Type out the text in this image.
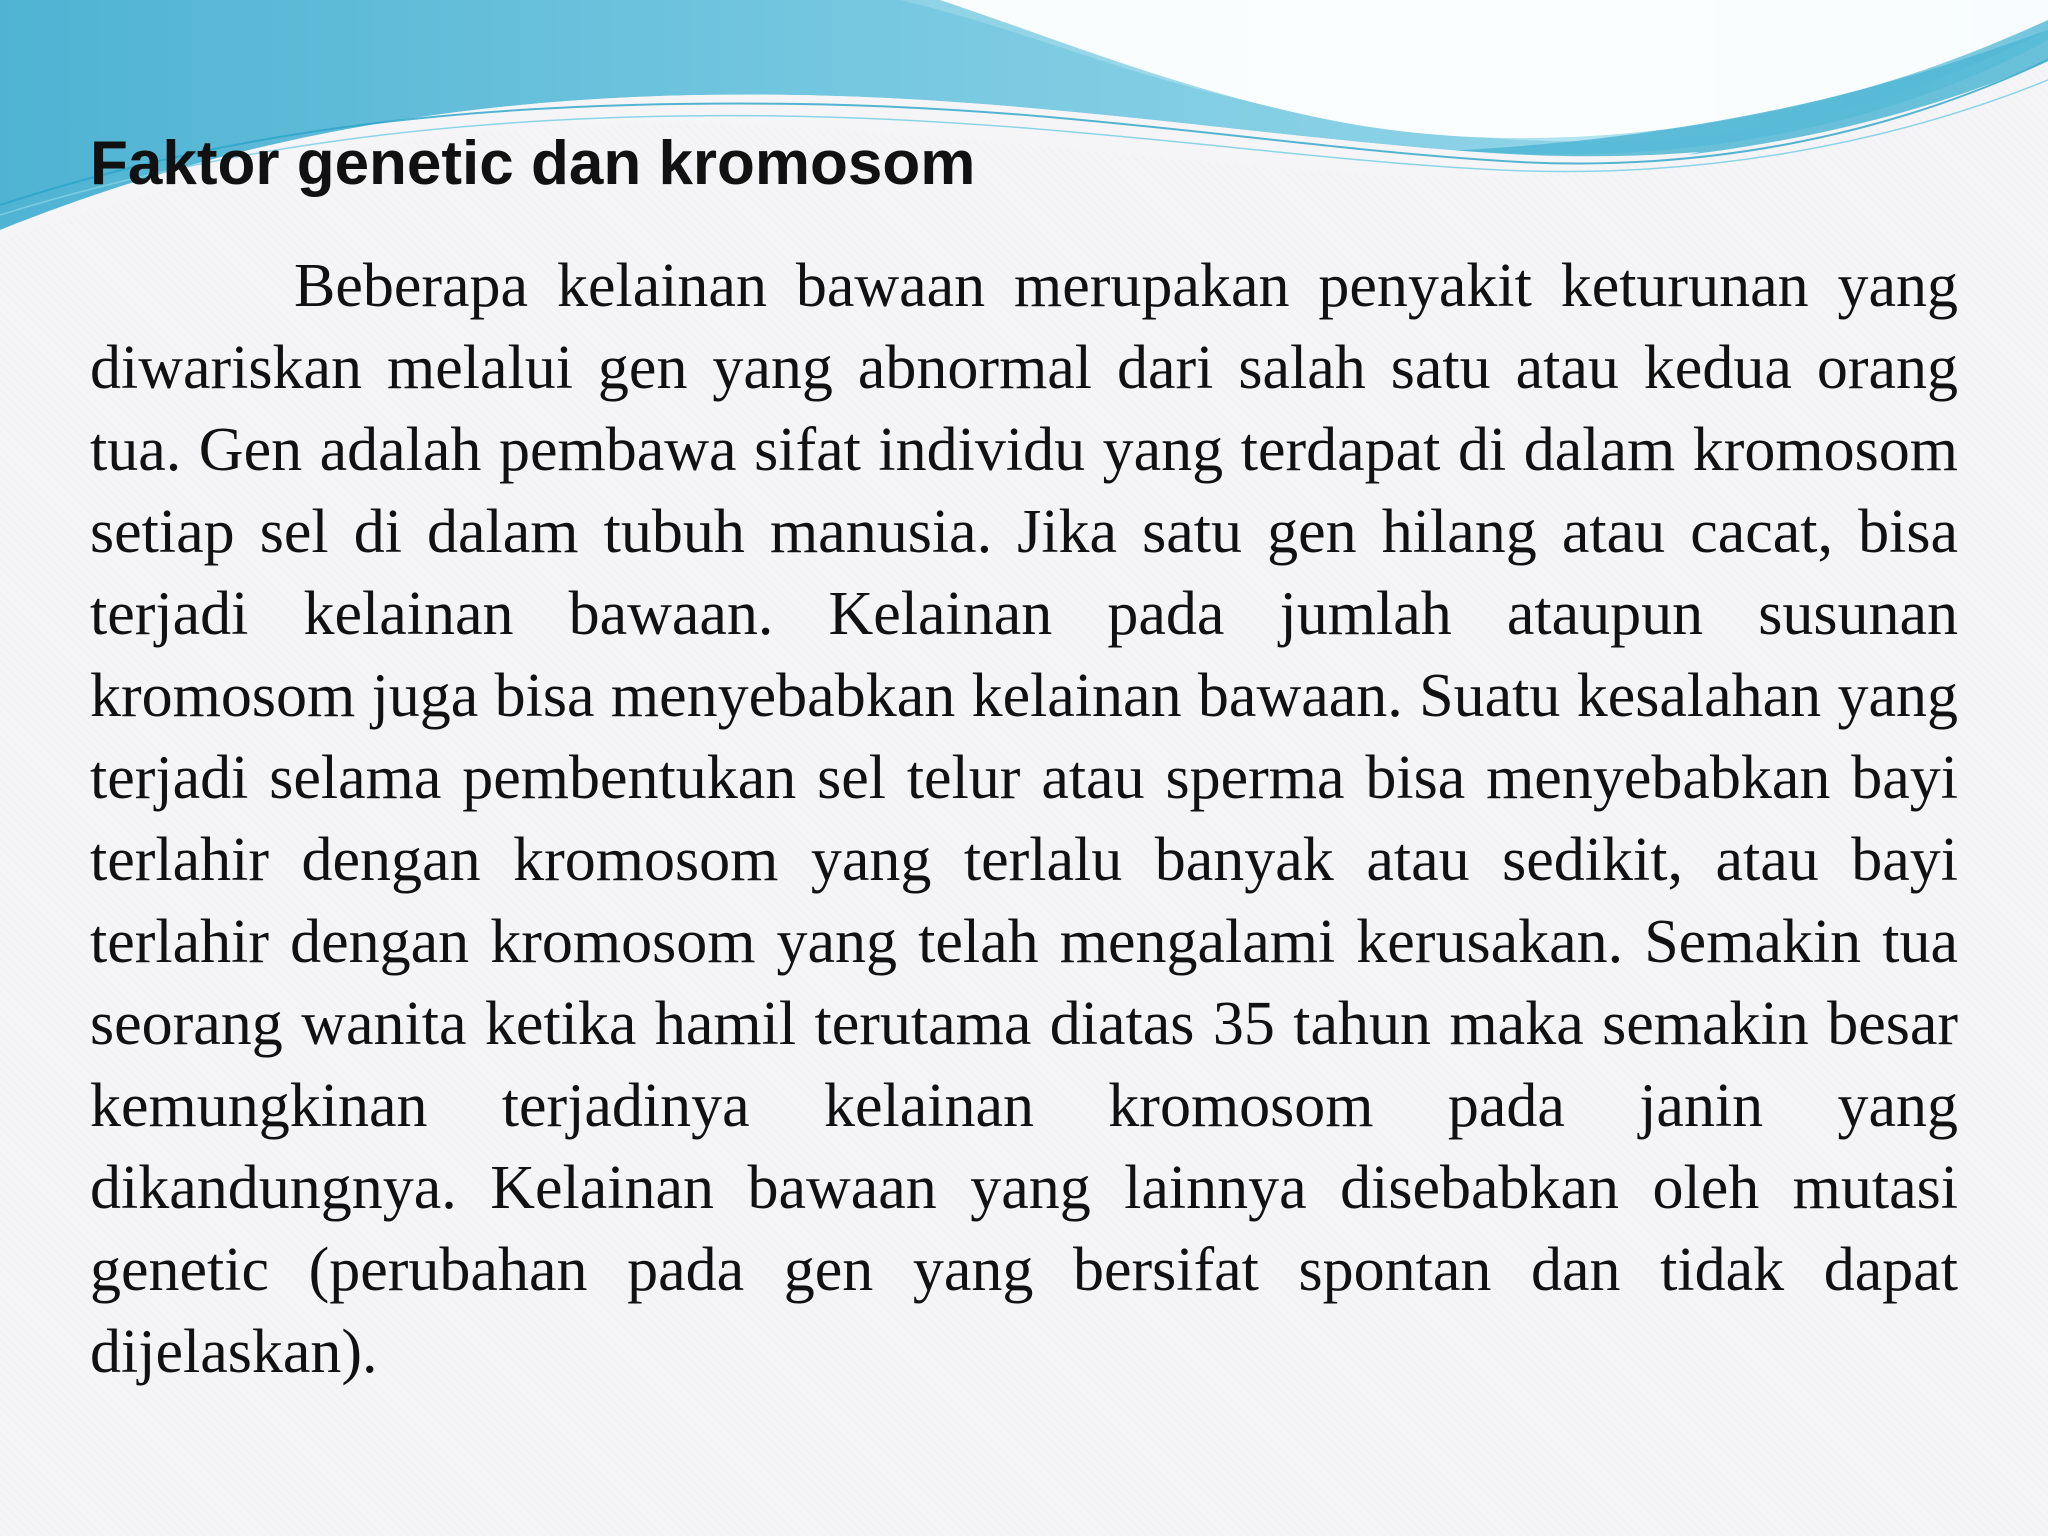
Faktor genetic dan kromosom

Beberapa kelainan bawaan merupakan penyakit keturunan yang diwariskan melalui gen yang abnormal dari salah satu atau kedua orang tua. Gen adalah pembawa sifat individu yang terdapat di dalam kromosom setiap sel di dalam tubuh manusia. Jika satu gen hilang atau cacat, bisa terjadi kelainan bawaan. Kelainan pada jumlah ataupun susunan kromosom juga bisa menyebabkan kelainan bawaan. Suatu kesalahan yang terjadi selama pembentukan sel telur atau sperma bisa menyebabkan bayi terlahir dengan kromosom yang terlalu banyak atau sedikit, atau bayi terlahir dengan kromosom yang telah mengalami kerusakan. Semakin tua seorang wanita ketika hamil terutama diatas 35 tahun maka semakin besar kemungkinan terjadinya kelainan kromosom pada janin yang dikandungnya. Kelainan bawaan yang lainnya disebabkan oleh mutasi genetic (perubahan pada gen yang bersifat spontan dan tidak dapat dijelaskan).
